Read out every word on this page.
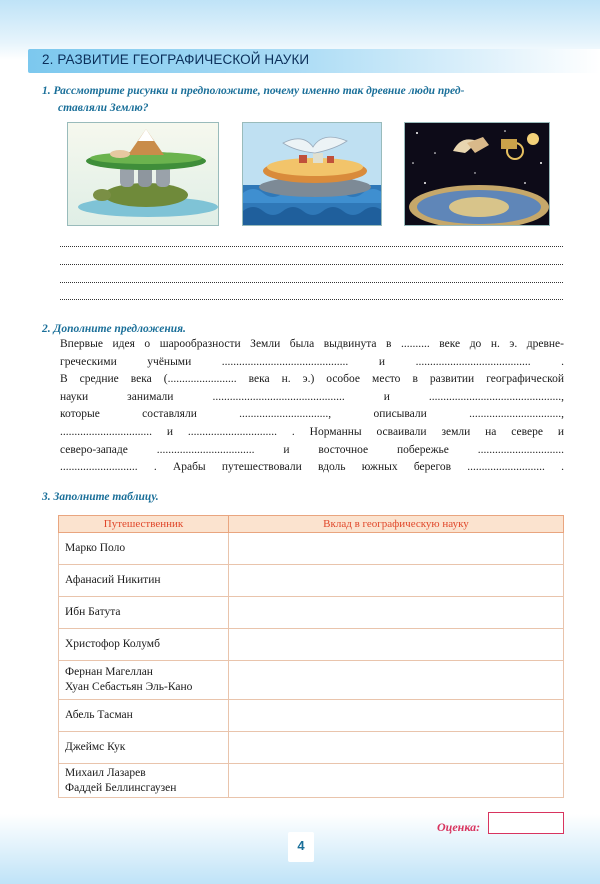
2. РАЗВИТИЕ ГЕОГРАФИЧЕСКОЙ НАУКИ
1. Рассмотрите рисунки и предположите, почему именно так древние люди пред-
ставляли Землю?
2. Дополните предложения.

Впервые идея о шарообразности Земли была выдвинута в .......... веке до н. э. древне-

греческими учёными ............................................ и ........................................ .

В средние века (........................ века н. э.) особое место в развитии географической

науки занимали .............................................. и ..............................................,

которые составляли ..............................., описывали ................................,

................................ и ............................... . Норманны осваивали земли на севере и

северо-западе .................................. и восточное побережье ..............................

........................... . Арабы путешествовали вдоль южных берегов ........................... .

3. Заполните таблицу.
Путешественник	Вклад в географическую науку

Марко Поло	

Афанасий Никитин	

Ибн Батута	

Христофор Колумб	

Фернан Магеллан
Хуан Себастьян Эль-Кано	

Абель Тасман	

Джеймс Кук	

Михаил Лазарев
Фаддей Беллинсгаузен	

Оценка:
4
